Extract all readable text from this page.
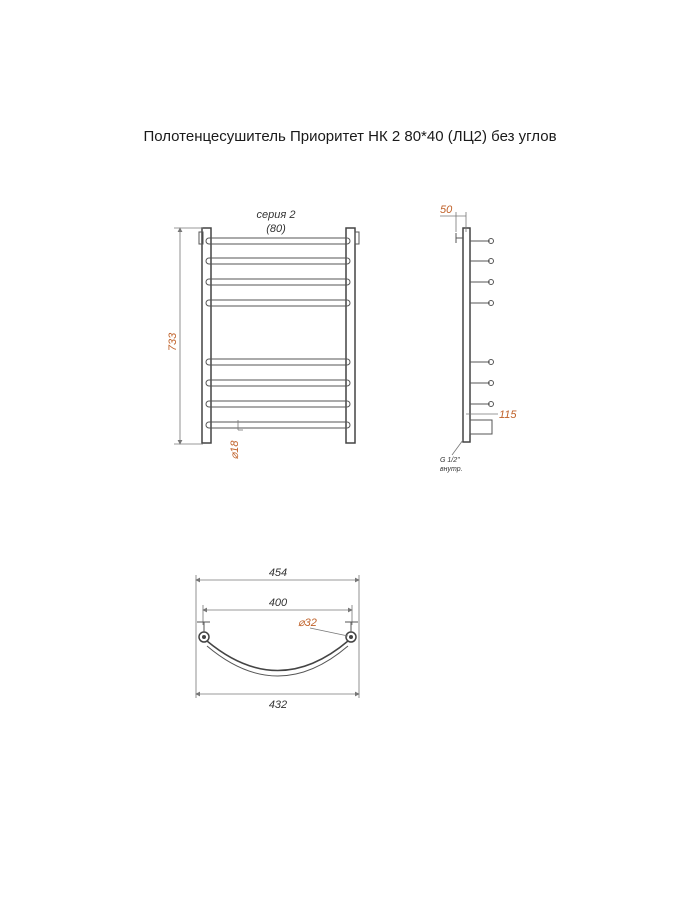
Полотенцесушитель Приоритет НК 2 80*40 (ЛЦ2) без углов
733
серия 2
(80)
⌀18
50
115
G 1/2"
внутр.
454
400
⌀32
432
